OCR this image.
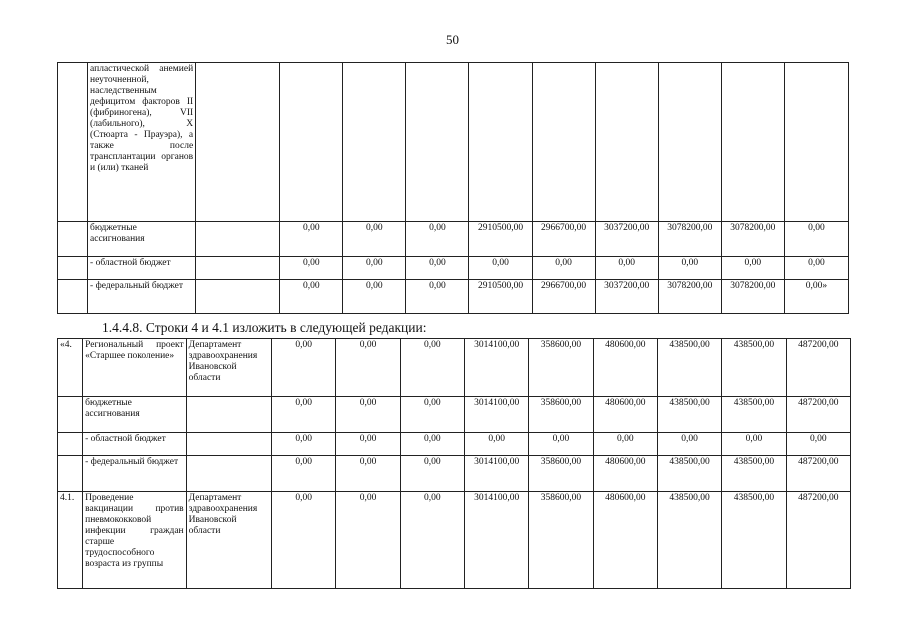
50
	апластической анемией неуточненной, наследственным дефицитом факторов II (фибриногена), VII (лабильного), X (Стюарта - Прауэра), а также после трансплантации органов и (или) тканей										
	бюджетные ассигнования		0,00	0,00	0,00	2910500,00	2966700,00	3037200,00	3078200,00	3078200,00	0,00
	- областной бюджет		0,00	0,00	0,00	0,00	0,00	0,00	0,00	0,00	0,00
	- федеральный бюджет		0,00	0,00	0,00	2910500,00	2966700,00	3037200,00	3078200,00	3078200,00	0,00»
1.4.4.8. Строки 4 и 4.1 изложить в следующей редакции:
«4.	Региональный проект «Старшее поколение»	Департамент здравоохранения Ивановской области	0,00	0,00	0,00	3014100,00	358600,00	480600,00	438500,00	438500,00	487200,00
	бюджетные ассигнования		0,00	0,00	0,00	3014100,00	358600,00	480600,00	438500,00	438500,00	487200,00
	- областной бюджет		0,00	0,00	0,00	0,00	0,00	0,00	0,00	0,00	0,00
	- федеральный бюджет		0,00	0,00	0,00	3014100,00	358600,00	480600,00	438500,00	438500,00	487200,00
4.1.	Проведение вакцинации против пневмококковой инфекции граждан старше трудоспособного возраста из группы	Департамент здравоохранения Ивановской области	0,00	0,00	0,00	3014100,00	358600,00	480600,00	438500,00	438500,00	487200,00
